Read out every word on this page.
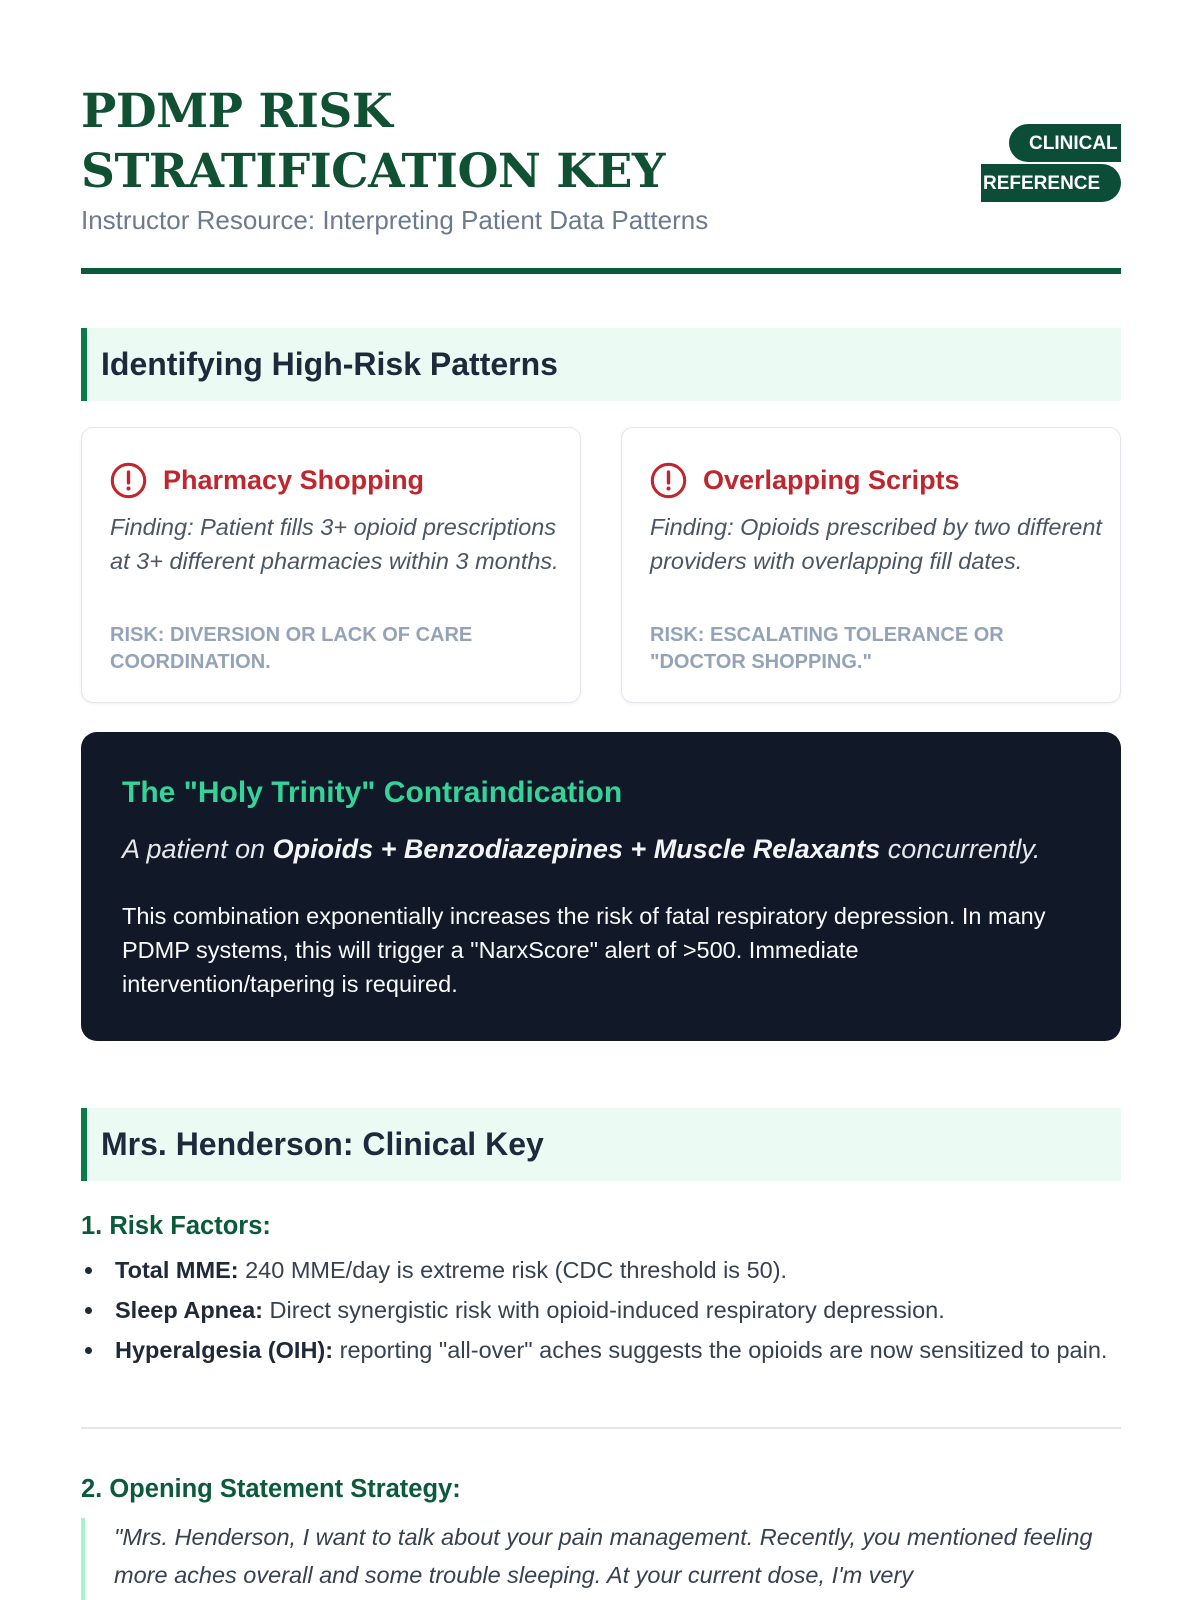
PDMP RISK STRATIFICATION KEY
Instructor Resource: Interpreting Patient Data Patterns
CLINICAL
REFERENCE
Identifying High-Risk Patterns
Pharmacy Shopping

Finding: Patient fills 3+ opioid prescriptions at 3+ different pharmacies within 3 months.

RISK: DIVERSION OR LACK OF CARE COORDINATION.

Overlapping Scripts

Finding: Opioids prescribed by two different providers with overlapping fill dates.

RISK: ESCALATING TOLERANCE OR "DOCTOR SHOPPING."

The "Holy Trinity" Contraindication

A patient on Opioids + Benzodiazepines + Muscle Relaxants concurrently.

This combination exponentially increases the risk of fatal respiratory depression. In many PDMP systems, this will trigger a "NarxScore" alert of >500. Immediate intervention/tapering is required.

Mrs. Henderson: Clinical Key
1. Risk Factors:
Total MME: 240 MME/day is extreme risk (CDC threshold is 50).
Sleep Apnea: Direct synergistic risk with opioid-induced respiratory depression.
Hyperalgesia (OIH): reporting "all-over" aches suggests the opioids are now sensitized to pain.
2. Opening Statement Strategy:
"Mrs. Henderson, I want to talk about your pain management. Recently, you mentioned feeling more aches overall and some trouble sleeping. At your current dose, I'm very
